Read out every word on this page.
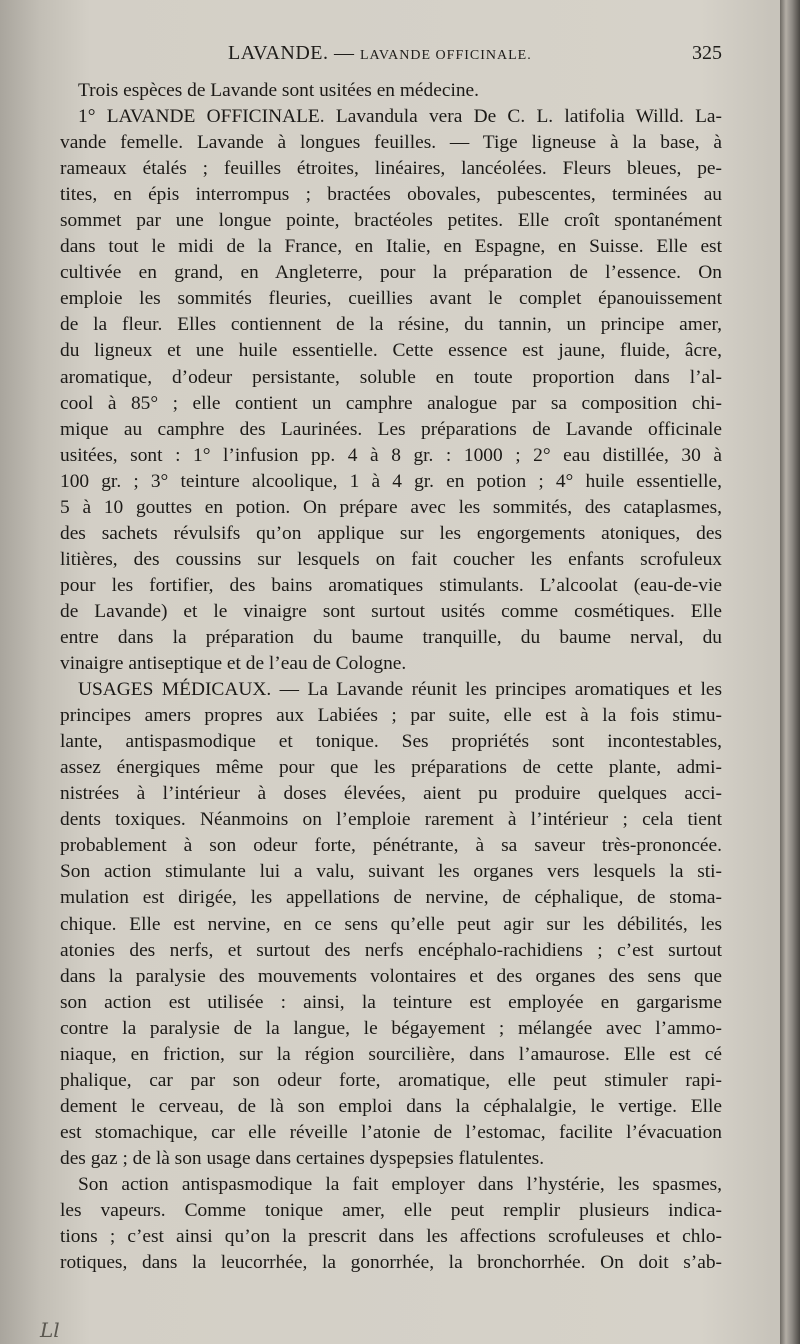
LAVANDE. — LAVANDE OFFICINALE.	325
Trois espèces de Lavande sont usitées en médecine.
1° LAVANDE OFFICINALE. Lavandula vera De C. L. latifolia Willd. La-
vande femelle. Lavande à longues feuilles. — Tige ligneuse à la base, à
rameaux étalés ; feuilles étroites, linéaires, lancéolées. Fleurs bleues, pe-
tites, en épis interrompus ; bractées obovales, pubescentes, terminées au
sommet par une longue pointe, bractéoles petites. Elle croît spontanément
dans tout le midi de la France, en Italie, en Espagne, en Suisse. Elle est
cultivée en grand, en Angleterre, pour la préparation de l’essence. On
emploie les sommités fleuries, cueillies avant le complet épanouissement
de la fleur. Elles contiennent de la résine, du tannin, un principe amer,
du ligneux et une huile essentielle. Cette essence est jaune, fluide, âcre,
aromatique, d’odeur persistante, soluble en toute proportion dans l’al-
cool à 85° ; elle contient un camphre analogue par sa composition chi-
mique au camphre des Laurinées. Les préparations de Lavande officinale
usitées, sont : 1° l’infusion pp. 4 à 8 gr. : 1000 ; 2° eau distillée, 30 à
100 gr. ; 3° teinture alcoolique, 1 à 4 gr. en potion ; 4° huile essentielle,
5 à 10 gouttes en potion. On prépare avec les sommités, des cataplasmes,
des sachets révulsifs qu’on applique sur les engorgements atoniques, des
litières, des coussins sur lesquels on fait coucher les enfants scrofuleux
pour les fortifier, des bains aromatiques stimulants. L’alcoolat (eau-de-vie
de Lavande) et le vinaigre sont surtout usités comme cosmétiques. Elle
entre dans la préparation du baume tranquille, du baume nerval, du
vinaigre antiseptique et de l’eau de Cologne.
USAGES MÉDICAUX. — La Lavande réunit les principes aromatiques et les
principes amers propres aux Labiées ; par suite, elle est à la fois stimu-
lante, antispasmodique et tonique. Ses propriétés sont incontestables,
assez énergiques même pour que les préparations de cette plante, admi-
nistrées à l’intérieur à doses élevées, aient pu produire quelques acci-
dents toxiques. Néanmoins on l’emploie rarement à l’intérieur ; cela tient
probablement à son odeur forte, pénétrante, à sa saveur très-prononcée.
Son action stimulante lui a valu, suivant les organes vers lesquels la sti-
mulation est dirigée, les appellations de nervine, de céphalique, de stoma-
chique. Elle est nervine, en ce sens qu’elle peut agir sur les débilités, les
atonies des nerfs, et surtout des nerfs encéphalo-rachidiens ; c’est surtout
dans la paralysie des mouvements volontaires et des organes des sens que
son action est utilisée : ainsi, la teinture est employée en gargarisme
contre la paralysie de la langue, le bégayement ; mélangée avec l’ammo-
niaque, en friction, sur la région sourcilière, dans l’amaurose. Elle est cé
phalique, car par son odeur forte, aromatique, elle peut stimuler rapi-
dement le cerveau, de là son emploi dans la céphalalgie, le vertige. Elle
est stomachique, car elle réveille l’atonie de l’estomac, facilite l’évacuation
des gaz ; de là son usage dans certaines dyspepsies flatulentes.
Son action antispasmodique la fait employer dans l’hystérie, les spasmes,
les vapeurs. Comme tonique amer, elle peut remplir plusieurs indica-
tions ; c’est ainsi qu’on la prescrit dans les affections scrofuleuses et chlo-
rotiques, dans la leucorrhée, la gonorrhée, la bronchorrhée. On doit s’ab-
Ll
